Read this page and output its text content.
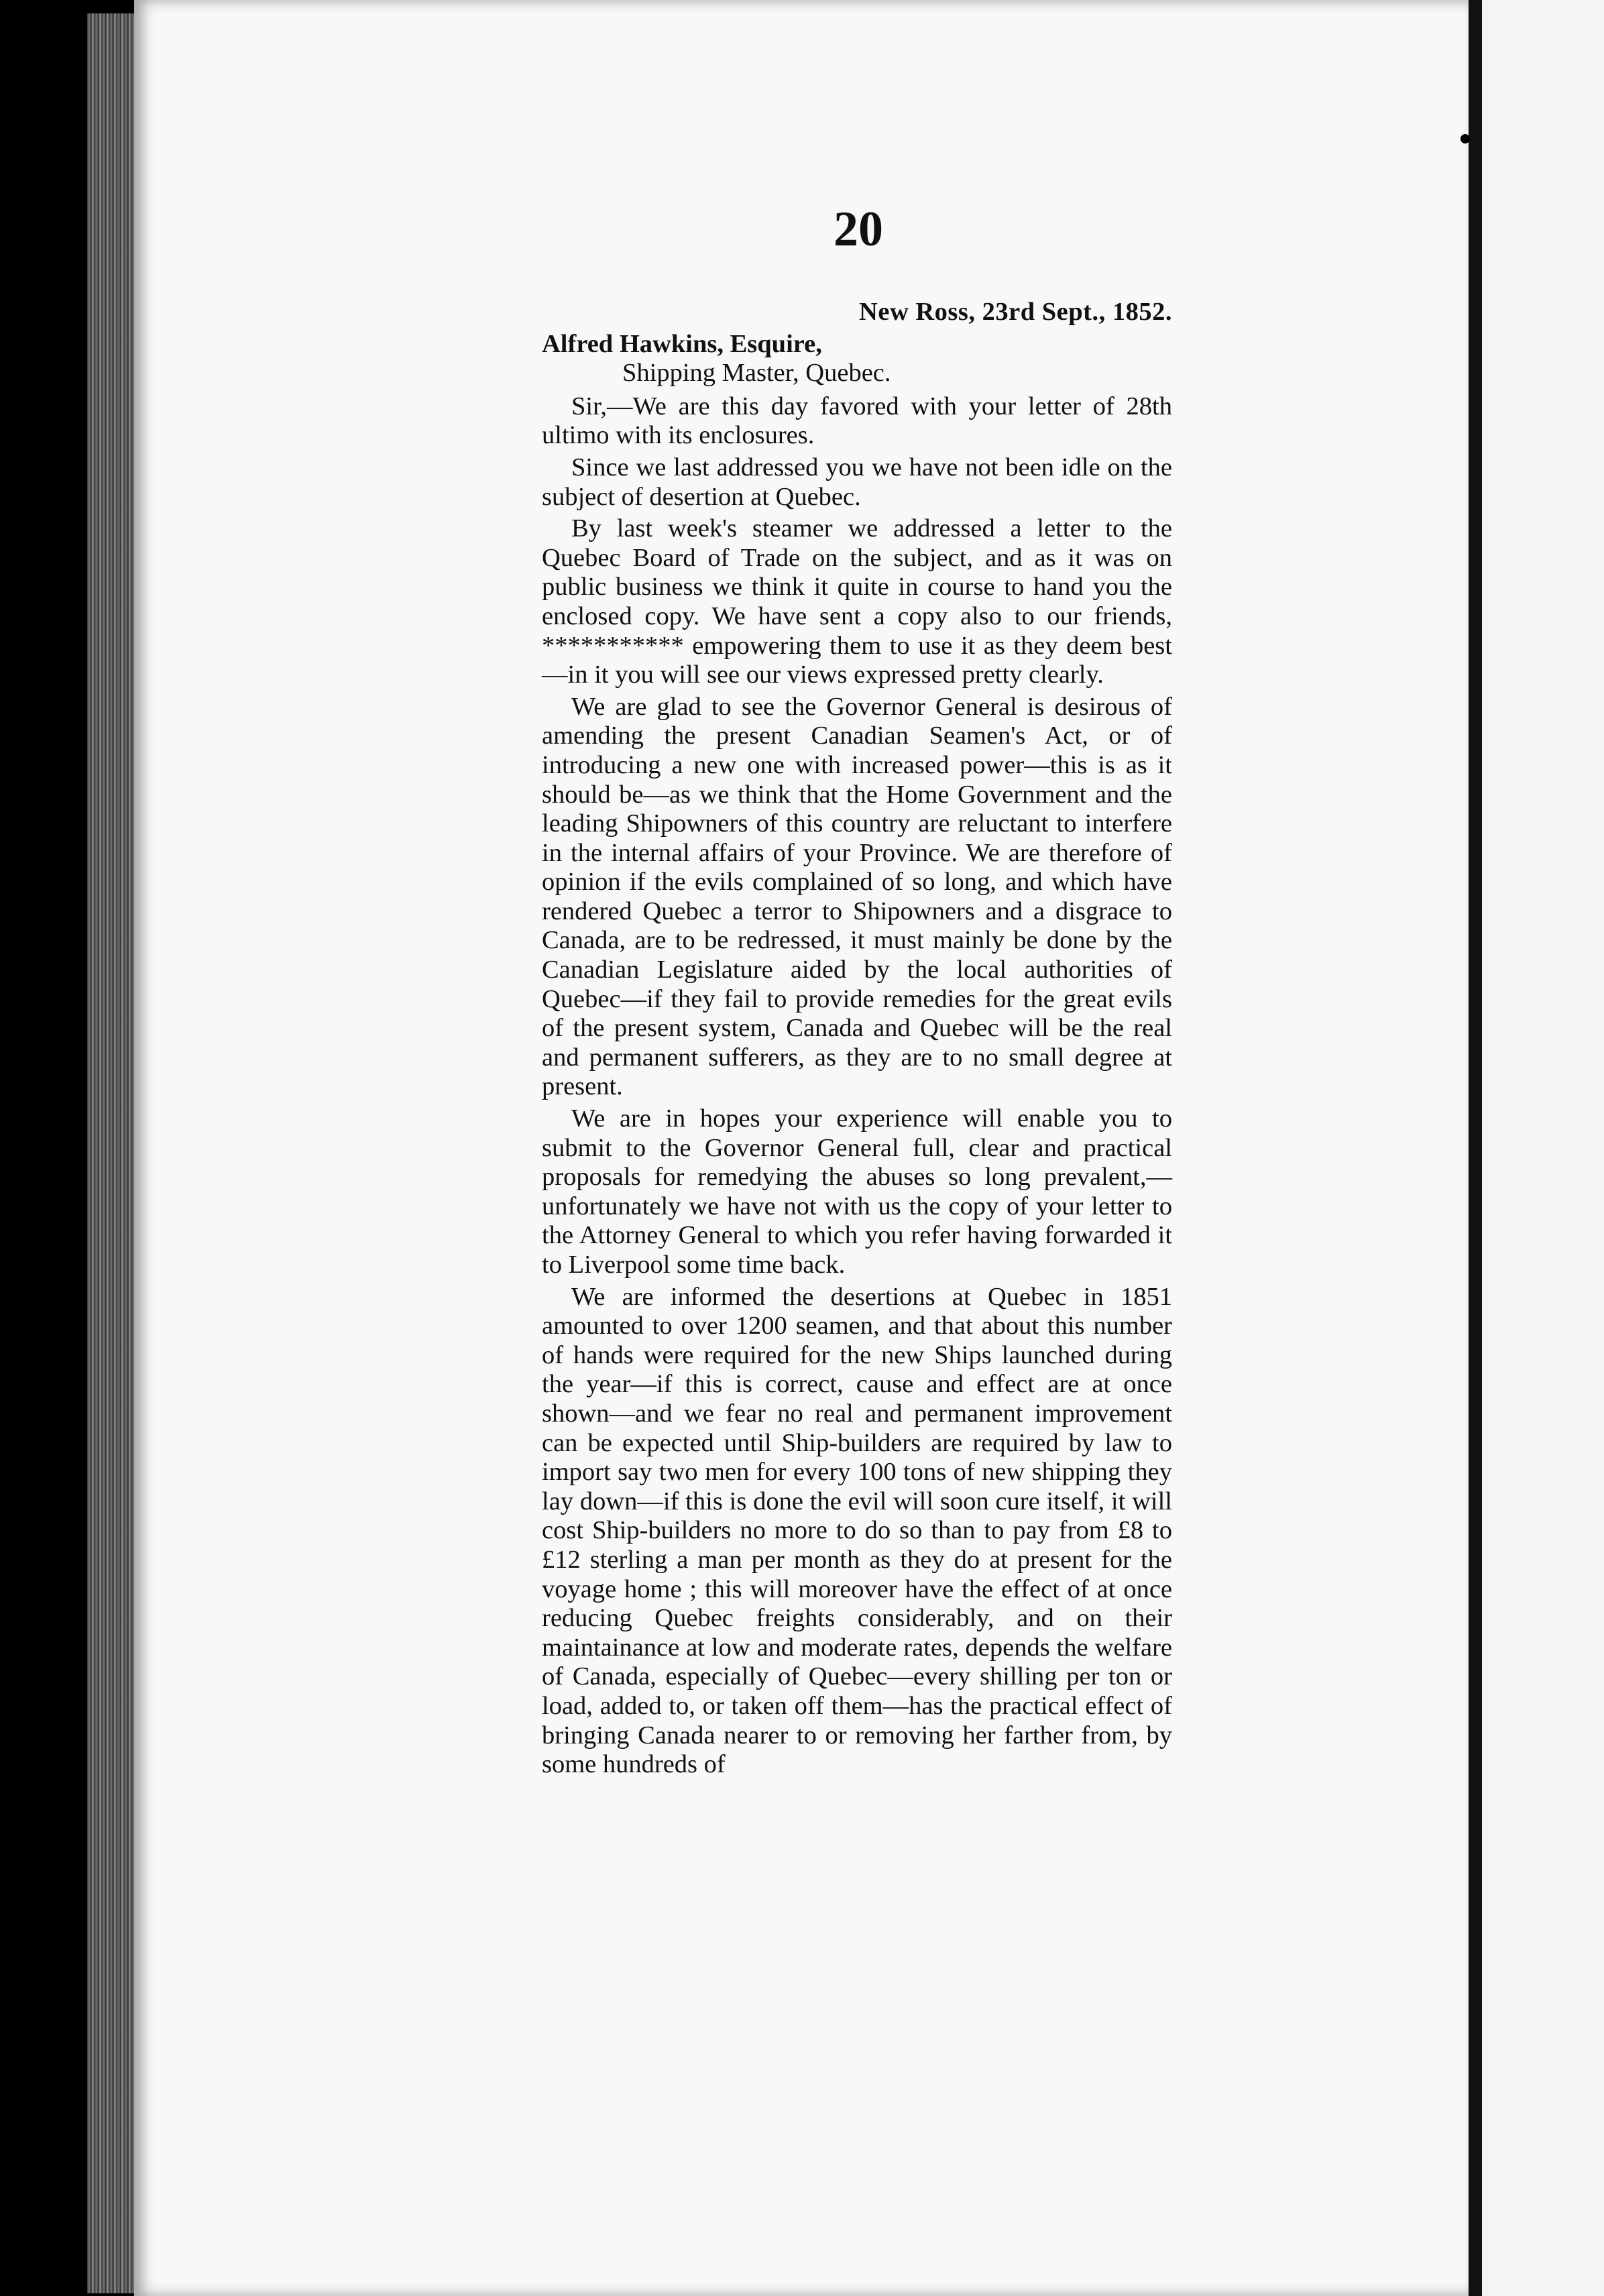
20

New Ross, 23rd Sept., 1852.

Alfred Hawkins, Esquire,

Shipping Master, Quebec.

Sir,—We are this day favored with your letter of 28th ultimo with its enclosures.

Since we last addressed you we have not been idle on the subject of desertion at Quebec.

By last week's steamer we addressed a letter to the Quebec Board of Trade on the subject, and as it was on public business we think it quite in course to hand you the enclosed copy. We have sent a copy also to our friends, *********** empowering them to use it as they deem best—in it you will see our views expressed pretty clearly.

We are glad to see the Governor General is desirous of amending the present Canadian Seamen's Act, or of introducing a new one with increased power—this is as it should be—as we think that the Home Government and the leading Shipowners of this country are reluctant to interfere in the internal affairs of your Province. We are therefore of opinion if the evils complained of so long, and which have rendered Quebec a terror to Shipowners and a disgrace to Canada, are to be redressed, it must mainly be done by the Canadian Legislature aided by the local authorities of Quebec—if they fail to provide remedies for the great evils of the present system, Canada and Quebec will be the real and permanent sufferers, as they are to no small degree at present.

We are in hopes your experience will enable you to submit to the Governor General full, clear and practical proposals for remedying the abuses so long prevalent,—unfortunately we have not with us the copy of your letter to the Attorney General to which you refer having forwarded it to Liverpool some time back.

We are informed the desertions at Quebec in 1851 amounted to over 1200 seamen, and that about this number of hands were required for the new Ships launched during the year—if this is correct, cause and effect are at once shown—and we fear no real and permanent improvement can be expected until Ship-builders are required by law to import say two men for every 100 tons of new shipping they lay down—if this is done the evil will soon cure itself, it will cost Ship-builders no more to do so than to pay from £8 to £12 sterling a man per month as they do at present for the voyage home ; this will moreover have the effect of at once reducing Quebec freights considerably, and on their maintainance at low and moderate rates, depends the welfare of Canada, especially of Quebec—every shilling per ton or load, added to, or taken off them—has the practical effect of bringing Canada nearer to or removing her farther from, by some hundreds of
